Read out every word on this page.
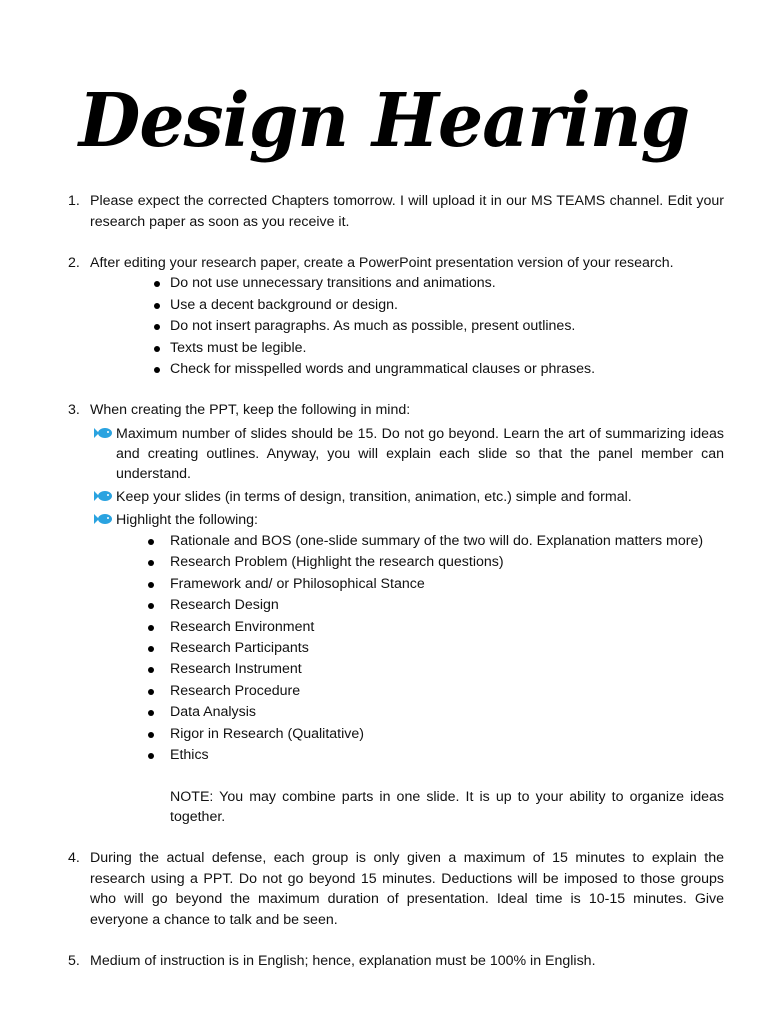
Design Hearing
1. Please expect the corrected Chapters tomorrow. I will upload it in our MS TEAMS channel. Edit your research paper as soon as you receive it.
2. After editing your research paper, create a PowerPoint presentation version of your research.
Do not use unnecessary transitions and animations.
Use a decent background or design.
Do not insert paragraphs. As much as possible, present outlines.
Texts must be legible.
Check for misspelled words and ungrammatical clauses or phrases.
3. When creating the PPT, keep the following in mind:
Maximum number of slides should be 15. Do not go beyond. Learn the art of summarizing ideas and creating outlines. Anyway, you will explain each slide so that the panel member can understand.
Keep your slides (in terms of design, transition, animation, etc.) simple and formal.
Highlight the following:
Rationale and BOS (one-slide summary of the two will do. Explanation matters more)
Research Problem (Highlight the research questions)
Framework and/ or Philosophical Stance
Research Design
Research Environment
Research Participants
Research Instrument
Research Procedure
Data Analysis
Rigor in Research (Qualitative)
Ethics
NOTE: You may combine parts in one slide. It is up to your ability to organize ideas together.
4. During the actual defense, each group is only given a maximum of 15 minutes to explain the research using a PPT. Do not go beyond 15 minutes. Deductions will be imposed to those groups who will go beyond the maximum duration of presentation. Ideal time is 10-15 minutes. Give everyone a chance to talk and be seen.
5. Medium of instruction is in English; hence, explanation must be 100% in English.
